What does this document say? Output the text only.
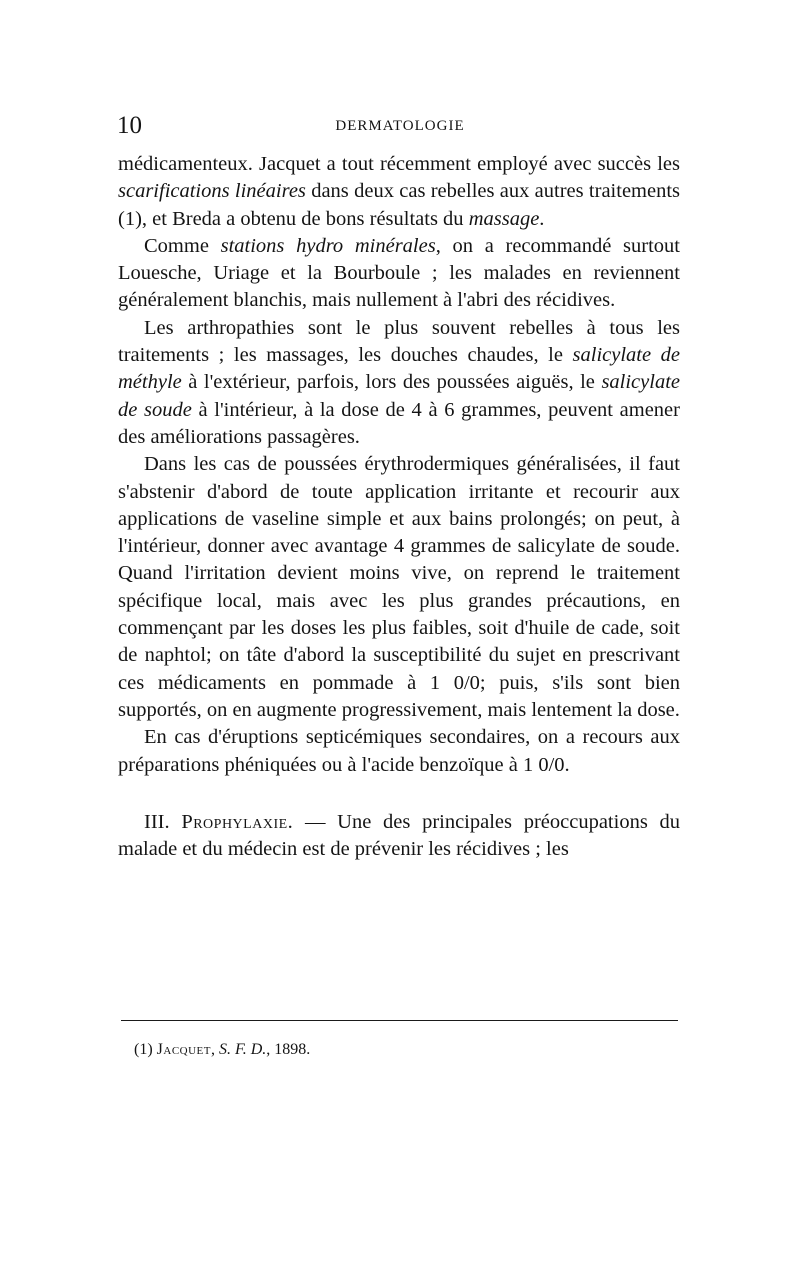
10	DERMATOLOGIE

médicamenteux. Jacquet a tout récemment employé avec succès les scarifications linéaires dans deux cas rebelles aux autres traitements (1), et Breda a obtenu de bons résultats du massage.

Comme stations hydro minérales, on a recommandé surtout Louesche, Uriage et la Bourboule ; les malades en reviennent généralement blanchis, mais nullement à l'abri des récidives.

Les arthropathies sont le plus souvent rebelles à tous les traitements ; les massages, les douches chaudes, le salicylate de méthyle à l'extérieur, parfois, lors des poussées aiguës, le salicylate de soude à l'intérieur, à la dose de 4 à 6 grammes, peuvent amener des améliorations passagères.

Dans les cas de poussées érythrodermiques généralisées, il faut s'abstenir d'abord de toute application irritante et recourir aux applications de vaseline simple et aux bains prolongés; on peut, à l'intérieur, donner avec avantage 4 grammes de salicylate de soude. Quand l'irritation devient moins vive, on reprend le traitement spécifique local, mais avec les plus grandes précautions, en commençant par les doses les plus faibles, soit d'huile de cade, soit de naphtol; on tâte d'abord la susceptibilité du sujet en prescrivant ces médicaments en pommade à 1 0/0; puis, s'ils sont bien supportés, on en augmente progressivement, mais lentement la dose.

En cas d'éruptions septicémiques secondaires, on a recours aux préparations phéniquées ou à l'acide benzoïque à 1 0/0.

III. Prophylaxie. — Une des principales préoccupations du malade et du médecin est de prévenir les récidives ; les

(1) Jacquet, S. F. D., 1898.
